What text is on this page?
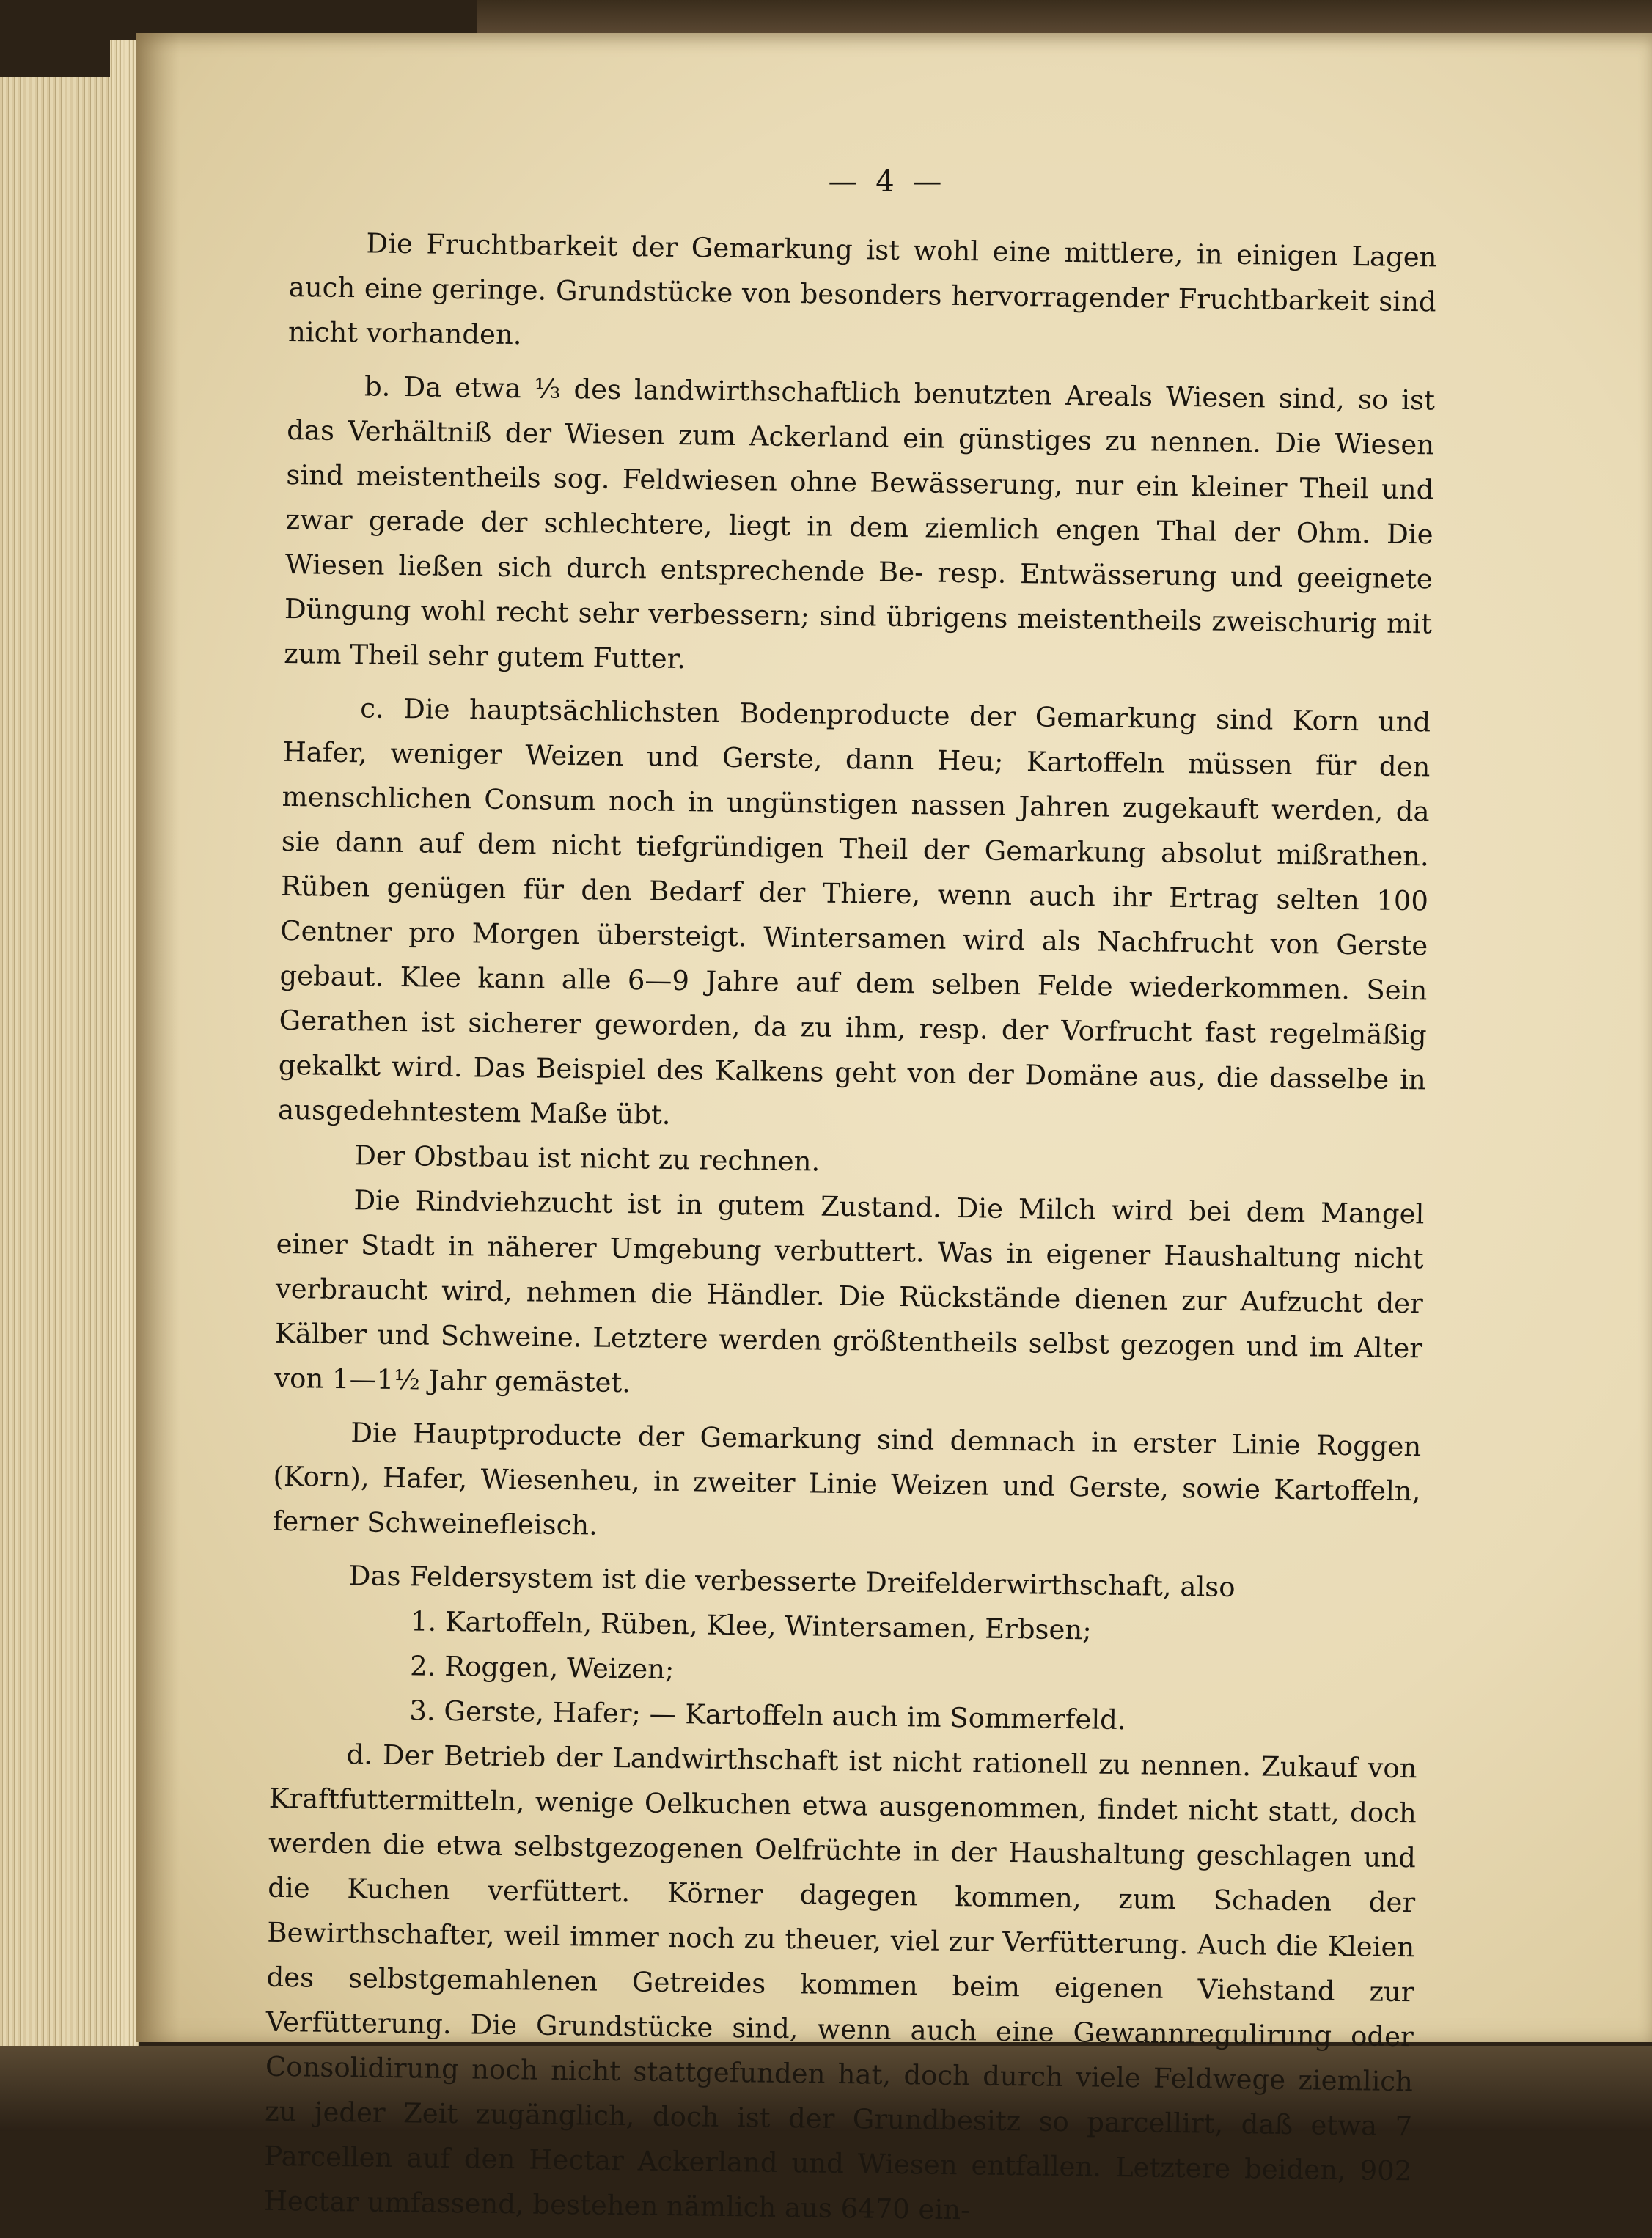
— 4 —

Die Fruchtbarkeit der Gemarkung ist wohl eine mittlere, in einigen Lagen auch eine geringe. Grundstücke von besonders hervorragender Fruchtbarkeit sind nicht vorhanden.

b. Da etwa ⅓ des landwirthschaftlich benutzten Areals Wiesen sind, so ist das Verhältniß der Wiesen zum Ackerland ein günstiges zu nennen. Die Wiesen sind meistentheils sog. Feldwiesen ohne Bewässerung, nur ein kleiner Theil und zwar gerade der schlechtere, liegt in dem ziemlich engen Thal der Ohm. Die Wiesen ließen sich durch entsprechende Be- resp. Entwässerung und geeignete Düngung wohl recht sehr verbessern; sind übrigens meistentheils zweischurig mit zum Theil sehr gutem Futter.

c. Die hauptsächlichsten Bodenproducte der Gemarkung sind Korn und Hafer, weniger Weizen und Gerste, dann Heu; Kartoffeln müssen für den menschlichen Consum noch in ungünstigen nassen Jahren zugekauft werden, da sie dann auf dem nicht tiefgründigen Theil der Gemarkung absolut mißrathen. Rüben genügen für den Bedarf der Thiere, wenn auch ihr Ertrag selten 100 Centner pro Morgen übersteigt. Wintersamen wird als Nachfrucht von Gerste gebaut. Klee kann alle 6—9 Jahre auf dem selben Felde wiederkommen. Sein Gerathen ist sicherer geworden, da zu ihm, resp. der Vorfrucht fast regelmäßig gekalkt wird. Das Beispiel des Kalkens geht von der Domäne aus, die dasselbe in ausgedehntestem Maße übt.

Der Obstbau ist nicht zu rechnen.

Die Rindviehzucht ist in gutem Zustand. Die Milch wird bei dem Mangel einer Stadt in näherer Umgebung verbuttert. Was in eigener Haushaltung nicht verbraucht wird, nehmen die Händler. Die Rückstände dienen zur Aufzucht der Kälber und Schweine. Letztere werden größtentheils selbst gezogen und im Alter von 1—1½ Jahr gemästet.

Die Hauptproducte der Gemarkung sind demnach in erster Linie Roggen (Korn), Hafer, Wiesenheu, in zweiter Linie Weizen und Gerste, sowie Kartoffeln, ferner Schweinefleisch.

Das Feldersystem ist die verbesserte Dreifelderwirthschaft, also

1. Kartoffeln, Rüben, Klee, Wintersamen, Erbsen;
2. Roggen, Weizen;
3. Gerste, Hafer; — Kartoffeln auch im Sommerfeld.

d. Der Betrieb der Landwirthschaft ist nicht rationell zu nennen. Zukauf von Kraftfuttermitteln, wenige Oelkuchen etwa ausgenommen, findet nicht statt, doch werden die etwa selbstgezogenen Oelfrüchte in der Haushaltung geschlagen und die Kuchen verfüttert. Körner dagegen kommen, zum Schaden der Bewirthschafter, weil immer noch zu theuer, viel zur Verfütterung. Auch die Kleien des selbstgemahlenen Getreides kommen beim eigenen Viehstand zur Verfütterung. Die Grundstücke sind, wenn auch eine Gewannregulirung oder Consolidirung noch nicht stattgefunden hat, doch durch viele Feldwege ziemlich zu jeder Zeit zugänglich, doch ist der Grundbesitz so parcellirt, daß etwa 7 Parcellen auf den Hectar Ackerland und Wiesen entfallen. Letztere beiden, 902 Hectar umfassend, bestehen nämlich aus 6470 ein-
